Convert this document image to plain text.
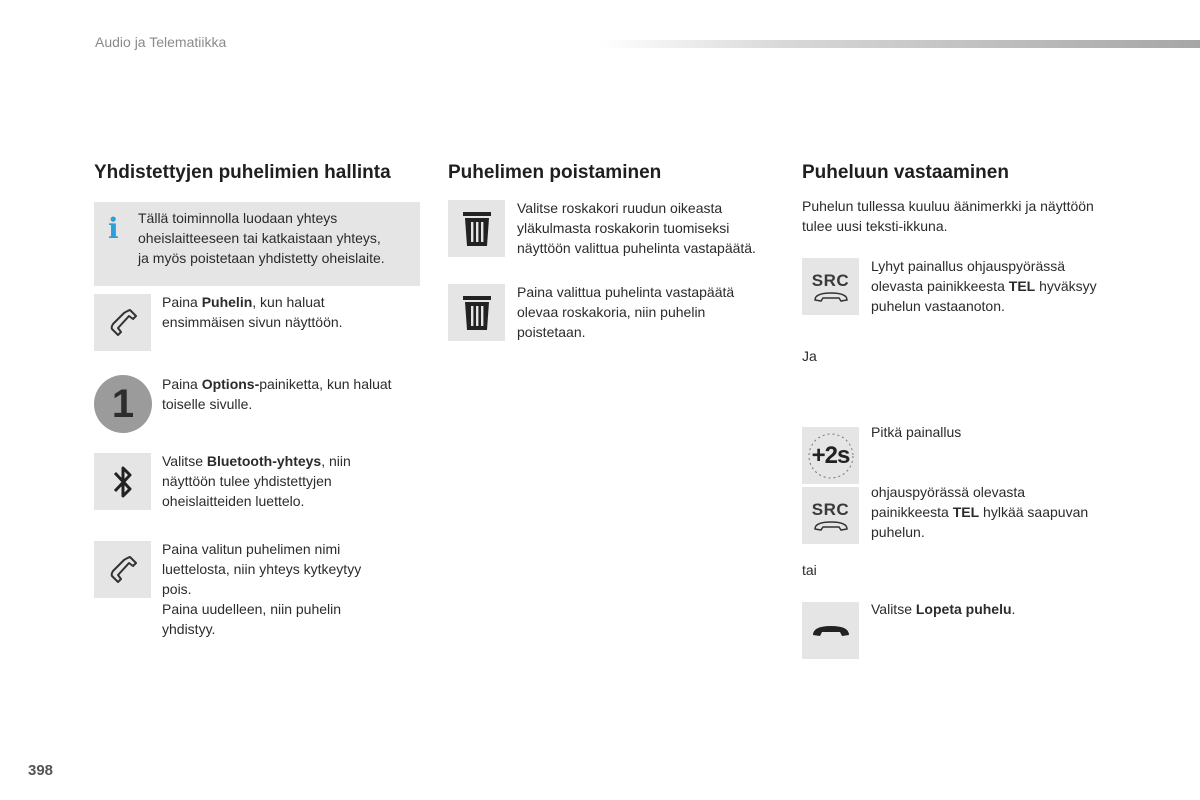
Audio ja Telematiikka
Yhdistettyjen puhelimien hallinta
i Tällä toiminnolla luodaan yhteys
oheislaitteeseen tai katkaistaan yhteys,
ja myös poistetaan yhdistetty oheislaite.
Paina Puhelin, kun haluat
ensimmäisen sivun näyttöön.
1	Paina Options-painiketta, kun haluat
toiselle sivulle.
Valitse Bluetooth-yhteys, niin
näyttöön tulee yhdistettyjen
oheislaitteiden luettelo.
Paina valitun puhelimen nimi
luettelosta, niin yhteys kytkeytyy
pois.
Paina uudelleen, niin puhelin
yhdistyy.
Puhelimen poistaminen
Valitse roskakori ruudun oikeasta
yläkulmasta roskakorin tuomiseksi
näyttöön valittua puhelinta vastapäätä.
Paina valittua puhelinta vastapäätä
olevaa roskakoria, niin puhelin
poistetaan.
Puheluun vastaaminen
Puhelun tullessa kuuluu äänimerkki ja näyttöön
tulee uusi teksti-ikkuna.
SRC
Lyhyt painallus ohjauspyörässä
olevasta painikkeesta TEL hyväksyy
puhelun vastaanoton.
Ja
+2s
Pitkä painallus
SRC
ohjauspyörässä olevasta
painikkeesta TEL hylkää saapuvan
puhelun.
tai
Valitse Lopeta puhelu.
398
